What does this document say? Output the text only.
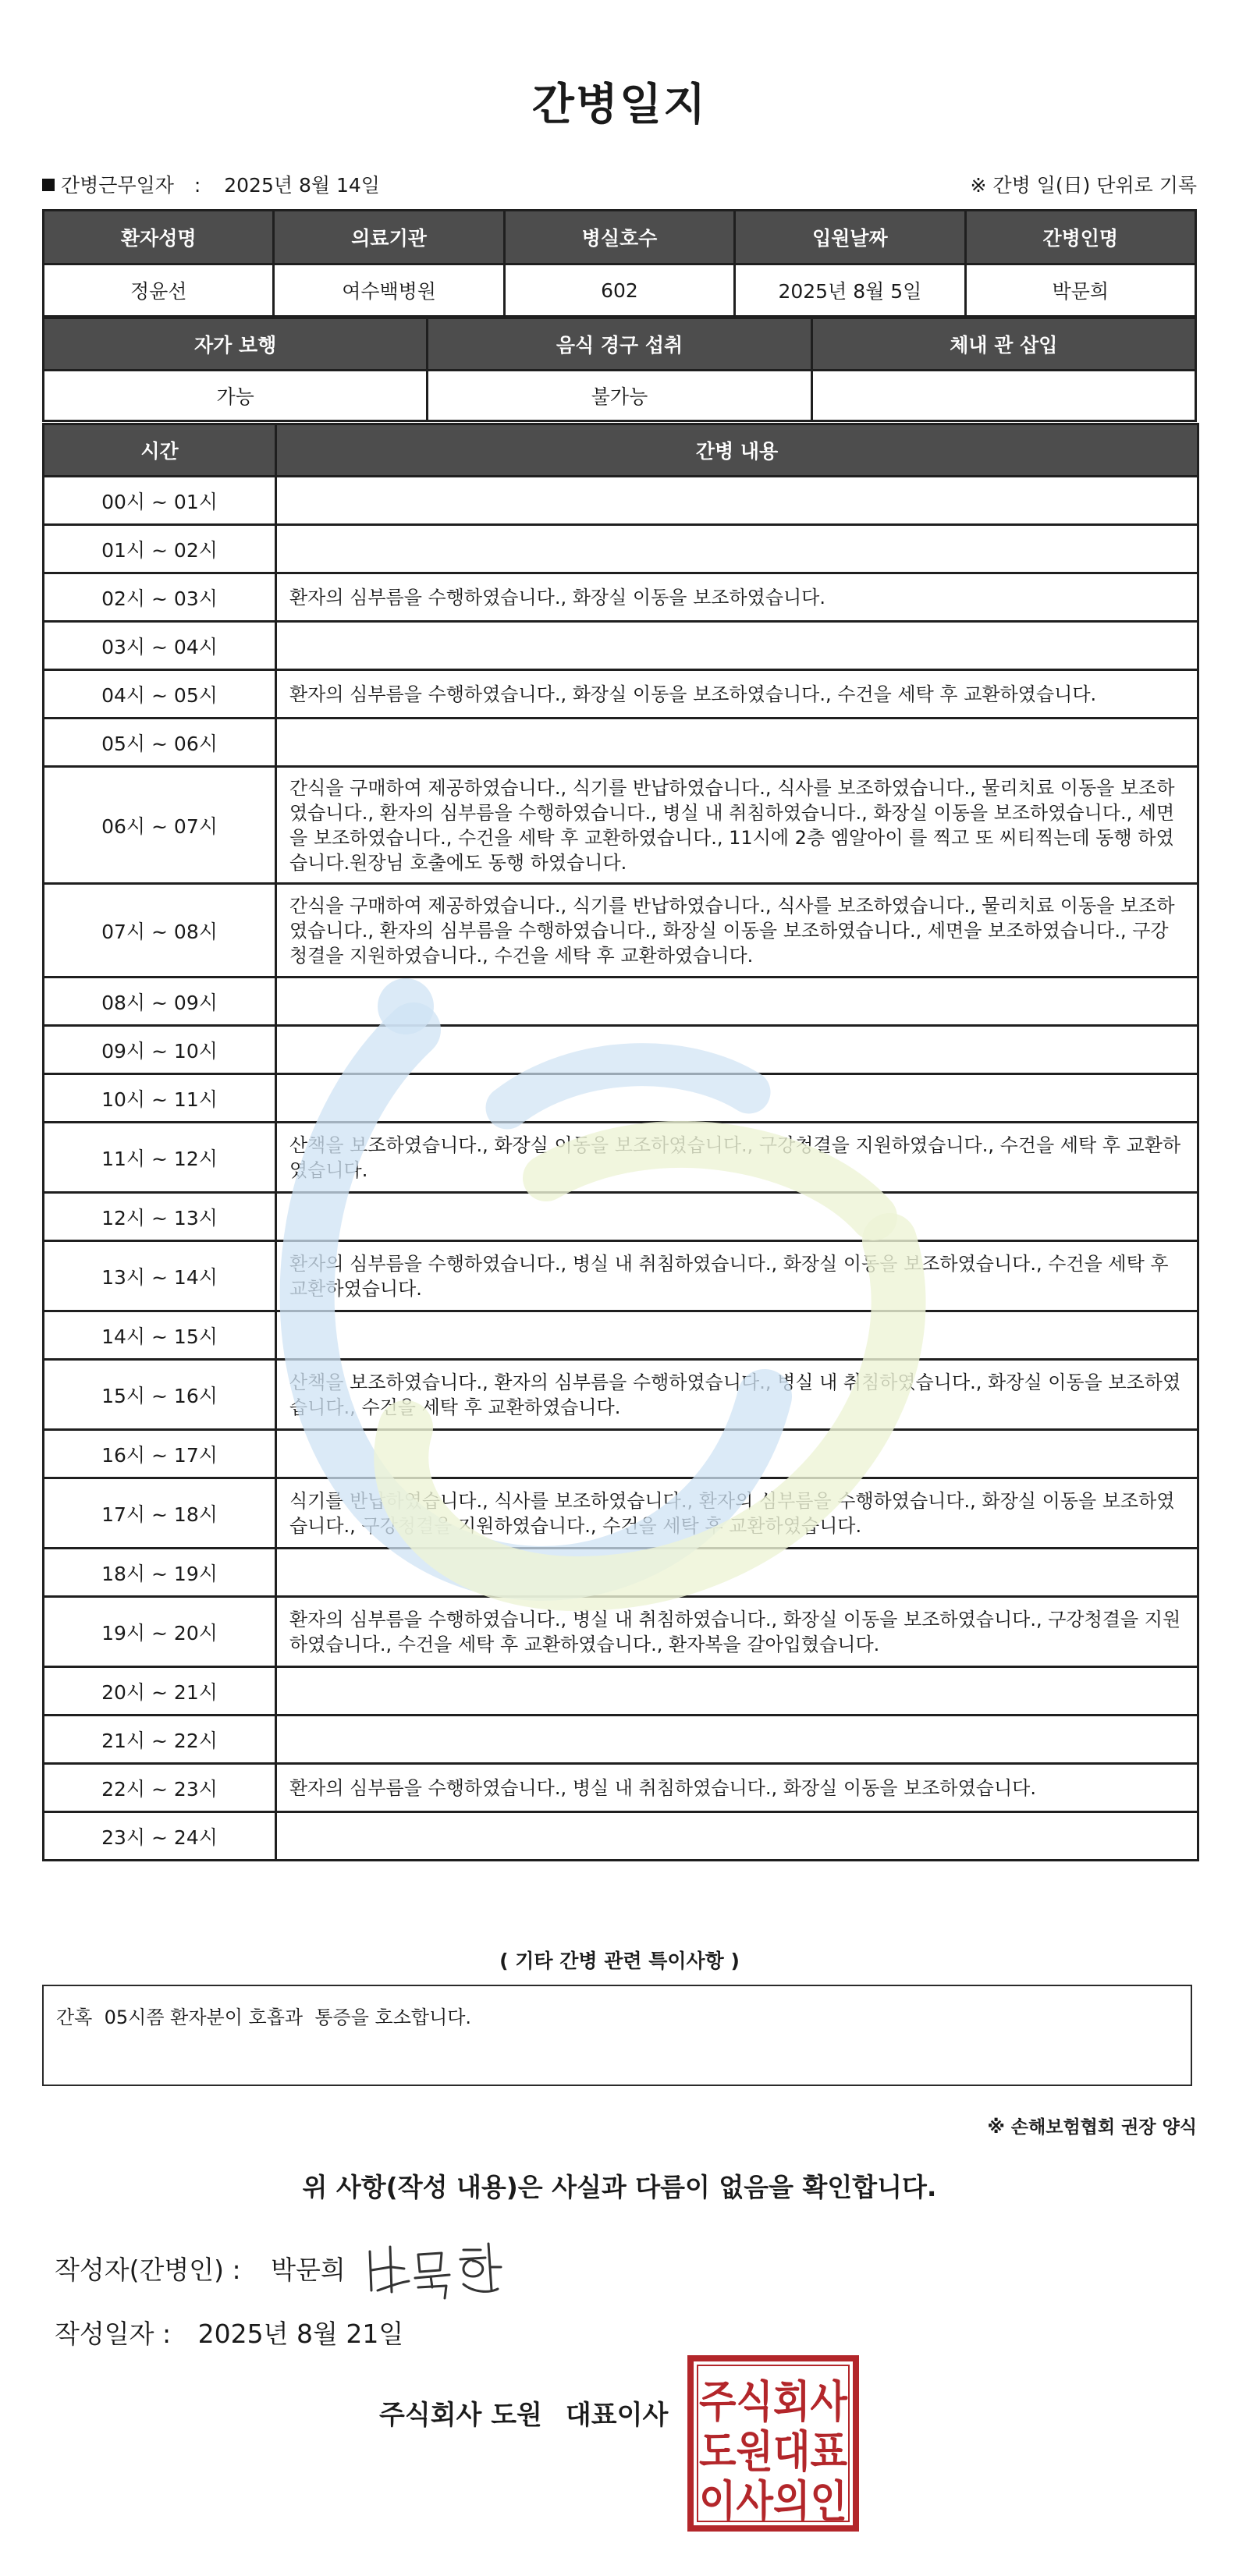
간병일지
간병근무일자 : 2025년 8월 14일	※ 간병 일(日) 단위로 기록
환자성명	의료기관	병실호수	입원날짜	간병인명
정윤선	여수백병원	602	2025년 8월 5일	박문희
자가 보행	음식 경구 섭취	체내 관 삽입
가능	불가능	
시간	간병 내용
00시 ~ 01시	
01시 ~ 02시	
02시 ~ 03시	환자의 심부름을 수행하였습니다., 화장실 이동을 보조하였습니다.
03시 ~ 04시	
04시 ~ 05시	환자의 심부름을 수행하였습니다., 화장실 이동을 보조하였습니다., 수건을 세탁 후 교환하였습니다.
05시 ~ 06시	
06시 ~ 07시	간식을 구매하여 제공하였습니다., 식기를 반납하였습니다., 식사를 보조하였습니다., 물리치료 이동을 보조하였습니다., 환자의 심부름을 수행하였습니다., 병실 내 취침하였습니다., 화장실 이동을 보조하였습니다., 세면을 보조하였습니다., 수건을 세탁 후 교환하였습니다., 11시에 2층 엠알아이 를 찍고 또 씨티찍는데 동행 하였습니다.원장님 호출에도 동행 하였습니다.
07시 ~ 08시	간식을 구매하여 제공하였습니다., 식기를 반납하였습니다., 식사를 보조하였습니다., 물리치료 이동을 보조하였습니다., 환자의 심부름을 수행하였습니다., 화장실 이동을 보조하였습니다., 세면을 보조하였습니다., 구강청결을 지원하였습니다., 수건을 세탁 후 교환하였습니다.
08시 ~ 09시	
09시 ~ 10시	
10시 ~ 11시	
11시 ~ 12시	산책을 보조하였습니다., 화장실 이동을 보조하였습니다., 구강청결을 지원하였습니다., 수건을 세탁 후 교환하였습니다.
12시 ~ 13시	
13시 ~ 14시	환자의 심부름을 수행하였습니다., 병실 내 취침하였습니다., 화장실 이동을 보조하였습니다., 수건을 세탁 후 교환하였습니다.
14시 ~ 15시	
15시 ~ 16시	산책을 보조하였습니다., 환자의 심부름을 수행하였습니다., 병실 내 취침하였습니다., 화장실 이동을 보조하였습니다., 수건을 세탁 후 교환하였습니다.
16시 ~ 17시	
17시 ~ 18시	식기를 반납하였습니다., 식사를 보조하였습니다., 환자의 심부름을 수행하였습니다., 화장실 이동을 보조하였습니다., 구강청결을 지원하였습니다., 수건을 세탁 후 교환하였습니다.
18시 ~ 19시	
19시 ~ 20시	환자의 심부름을 수행하였습니다., 병실 내 취침하였습니다., 화장실 이동을 보조하였습니다., 구강청결을 지원하였습니다., 수건을 세탁 후 교환하였습니다., 환자복을 갈아입혔습니다.
20시 ~ 21시	
21시 ~ 22시	
22시 ~ 23시	환자의 심부름을 수행하였습니다., 병실 내 취침하였습니다., 화장실 이동을 보조하였습니다.
23시 ~ 24시	
( 기타 간병 관련 특이사항 )
간혹  05시쯤 환자분이 호흡과  통증을 호소합니다.
※ 손해보험협회 권장 양식
위 사항(작성 내용)은 사실과 다름이 없음을 확인합니다.
작성자(간병인) : 박문희
작성일자 : 2025년 8월 21일
주식회사 도원 대표이사 주식회사
도원대표
이사의인
